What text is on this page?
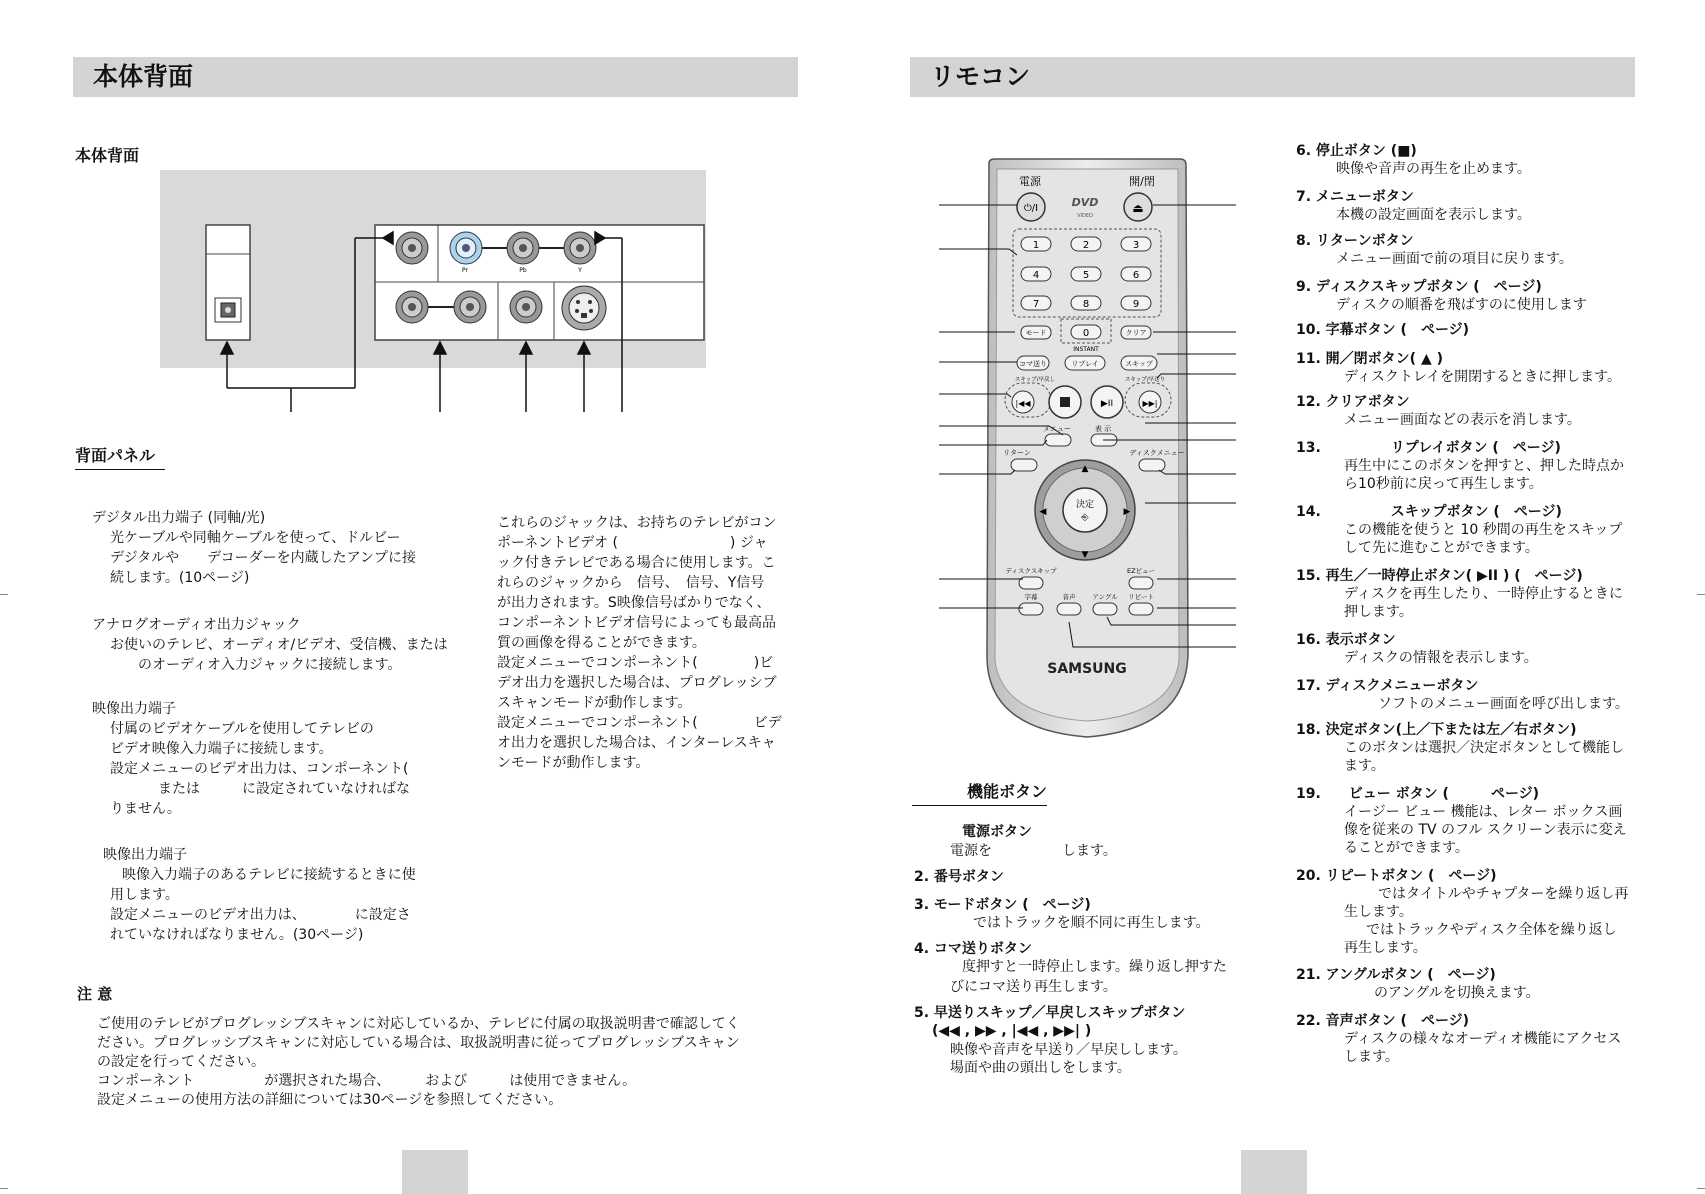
本体背面
本体背面
Pr	Pb	Y
背面パネル
デジタル出力端子 (同軸/光)
光ケーブルや同軸ケーブルを使って、ドルビー
デジタルや　　デコーダーを内蔵したアンプに接
続します。(10ページ)
アナログオーディオ出力ジャック
お使いのテレビ、オーディオ/ビデオ、受信機、または
のオーディオ入力ジャックに接続します。
映像出力端子
付属のビデオケーブルを使用してテレビの
ビデオ映像入力端子に接続します。
設定メニューのビデオ出力は、コンポーネント(
または　　　に設定されていなければな
りません。
映像出力端子
映像入力端子のあるテレビに接続するときに使
用します。
設定メニューのビデオ出力は、　　　　に設定さ
れていなければなりません。(30ページ)
これらのジャックは、お持ちのテレビがコン
ポーネントビデオ (　　　　　　　　) ジャ
ック付きテレビである場合に使用します。こ
れらのジャックから　信号、　信号、Y信号
が出力されます。S映像信号ばかりでなく、
コンポーネントビデオ信号によっても最高品
質の画像を得ることができます。
設定メニューでコンポーネント(　　　　)ビ
デオ出力を選択した場合は、プログレッシブ
スキャンモードが動作します。
設定メニューでコンポーネント(　　　　ビデ
オ出力を選択した場合は、インターレスキャ
ンモードが動作します。
注 意
ご使用のテレビがプログレッシブスキャンに対応しているか、テレビに付属の取扱説明書で確認してく
ださい。プログレッシブスキャンに対応している場合は、取扱説明書に従ってプログレッシブスキャン
の設定を行ってください。
コンポーネント　　　　　が選択された場合、　　　および　　　は使用できません。
設定メニューの使用方法の詳細については30ページを参照してください。
リモコン
電源	開/閉
⏻/I	⏏
DVD
VIDEO
1	2	3
4	5	6
7	8	9
0
モード	クリア
INSTANT
コマ送り	リプレイ	スキップ
スキップ/早戻し	スキップ/早送り
|◀◀	▶II	▶▶|
メニュー	表 示
リターン	ディスクメニュー
決定
⎆
▲
▼
◀	▶
ディスクスキップ	EZビュー
字幕	音声	アングル リピート
SAMSUNG
機能ボタン
電源ボタン
電源を　　　　　します。
2. 番号ボタン
3. モードボタン (　ページ)
ではトラックを順不同に再生します。
4. コマ送りボタン
度押すと一時停止します。繰り返し押すた
びにコマ送り再生します。
5. 早送りスキップ／早戻しスキップボタン
(◀◀ , ▶▶ , |◀◀ , ▶▶| )
映像や音声を早送り／早戻しします。
場面や曲の頭出しをします。
6. 停止ボタン (■)
映像や音声の再生を止めます。
7. メニューボタン
本機の設定画面を表示します。
8. リターンボタン
メニュー画面で前の項目に戻ります。
9. ディスクスキップボタン (　ページ)
ディスクの順番を飛ばすのに使用します
10. 字幕ボタン (　ページ)
11. 開／閉ボタン( ▲ )
ディスクトレイを開閉するときに押します。
12. クリアボタン
メニュー画面などの表示を消します。
13.　　　　　リプレイボタン (　ページ)
再生中にこのボタンを押すと、押した時点か
ら10秒前に戻って再生します。
14.　　　　　スキップボタン (　ページ)
この機能を使うと 10 秒間の再生をスキップ
して先に進むことができます。
15. 再生／一時停止ボタン( ▶II ) (　ページ)
ディスクを再生したり、一時停止するときに
押します。
16. 表示ボタン
ディスクの情報を表示します。
17. ディスクメニューボタン
ソフトのメニュー画面を呼び出します。
18. 決定ボタン(上／下または左／右ボタン)
このボタンは選択／決定ボタンとして機能し
ます。
19.　　ビュー ボタン (　　　ページ)
イージー ビュー 機能は、レター ボックス画
像を従来の TV のフル スクリーン表示に変え
ることができます。
20. リピートボタン (　ページ)
ではタイトルやチャプターを繰り返し再
生します。
ではトラックやディスク全体を繰り返し
再生します。
21. アングルボタン (　ページ)
のアングルを切換えます。
22. 音声ボタン (　ページ)
ディスクの様々なオーディオ機能にアクセス
します。
